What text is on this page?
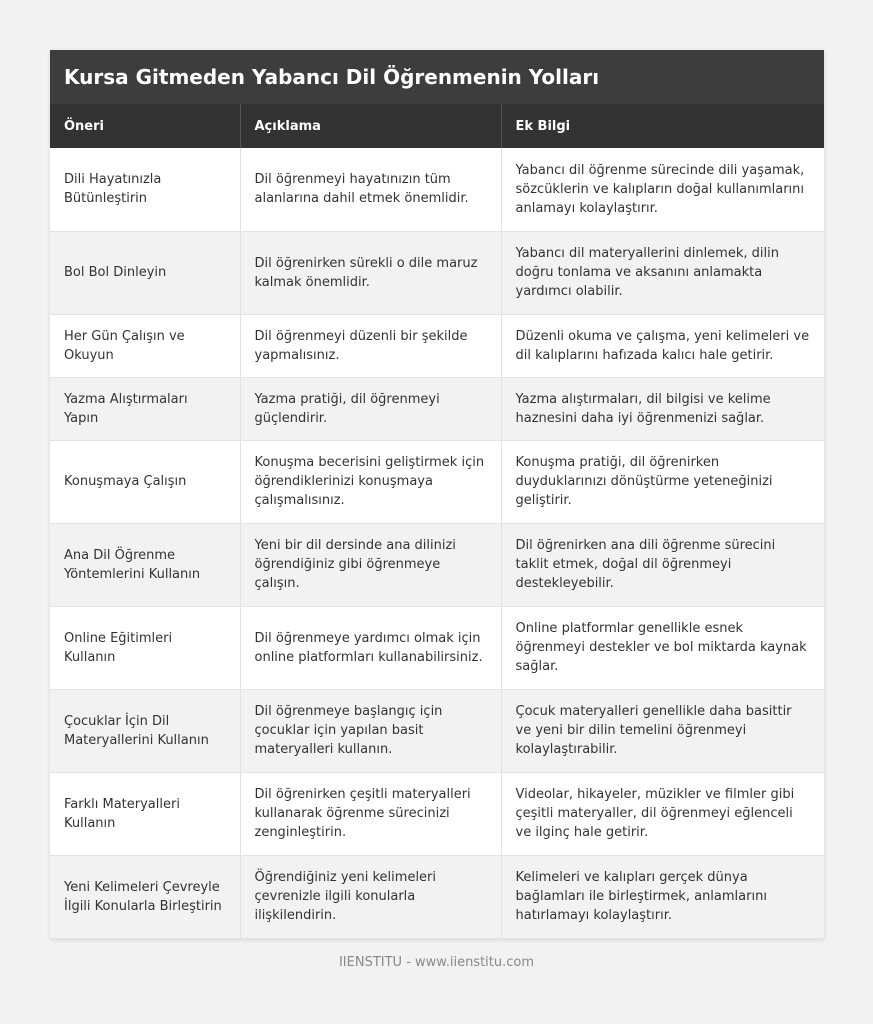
Kursa Gitmeden Yabancı Dil Öğrenmenin Yolları
Öneri	Açıklama	Ek Bilgi
Dili Hayatınızla Bütünleştirin	Dil öğrenmeyi hayatınızın tüm alanlarına dahil etmek önemlidir.	Yabancı dil öğrenme sürecinde dili yaşamak, sözcüklerin ve kalıpların doğal kullanımlarını anlamayı kolaylaştırır.
Bol Bol Dinleyin	Dil öğrenirken sürekli o dile maruz kalmak önemlidir.	Yabancı dil materyallerini dinlemek, dilin doğru tonlama ve aksanını anlamakta yardımcı olabilir.
Her Gün Çalışın ve Okuyun	Dil öğrenmeyi düzenli bir şekilde yapmalısınız.	Düzenli okuma ve çalışma, yeni kelimeleri ve dil kalıplarını hafızada kalıcı hale getirir.
Yazma Alıştırmaları Yapın	Yazma pratiği, dil öğrenmeyi güçlendirir.	Yazma alıştırmaları, dil bilgisi ve kelime haznesini daha iyi öğrenmenizi sağlar.
Konuşmaya Çalışın	Konuşma becerisini geliştirmek için öğrendiklerinizi konuşmaya çalışmalısınız.	Konuşma pratiği, dil öğrenirken duyduklarınızı dönüştürme yeteneğinizi geliştirir.
Ana Dil Öğrenme Yöntemlerini Kullanın	Yeni bir dil dersinde ana dilinizi öğrendiğiniz gibi öğrenmeye çalışın.	Dil öğrenirken ana dili öğrenme sürecini taklit etmek, doğal dil öğrenmeyi destekleyebilir.
Online Eğitimleri Kullanın	Dil öğrenmeye yardımcı olmak için online platformları kullanabilirsiniz.	Online platformlar genellikle esnek öğrenmeyi destekler ve bol miktarda kaynak sağlar.
Çocuklar İçin Dil Materyallerini Kullanın	Dil öğrenmeye başlangıç için çocuklar için yapılan basit materyalleri kullanın.	Çocuk materyalleri genellikle daha basittir ve yeni bir dilin temelini öğrenmeyi kolaylaştırabilir.
Farklı Materyalleri Kullanın	Dil öğrenirken çeşitli materyalleri kullanarak öğrenme sürecinizi zenginleştirin.	Videolar, hikayeler, müzikler ve filmler gibi çeşitli materyaller, dil öğrenmeyi eğlenceli ve ilginç hale getirir.
Yeni Kelimeleri Çevreyle İlgili Konularla Birleştirin	Öğrendiğiniz yeni kelimeleri çevrenizle ilgili konularla ilişkilendirin.	Kelimeleri ve kalıpları gerçek dünya bağlamları ile birleştirmek, anlamlarını hatırlamayı kolaylaştırır.
IIENSTITU - www.iienstitu.com
